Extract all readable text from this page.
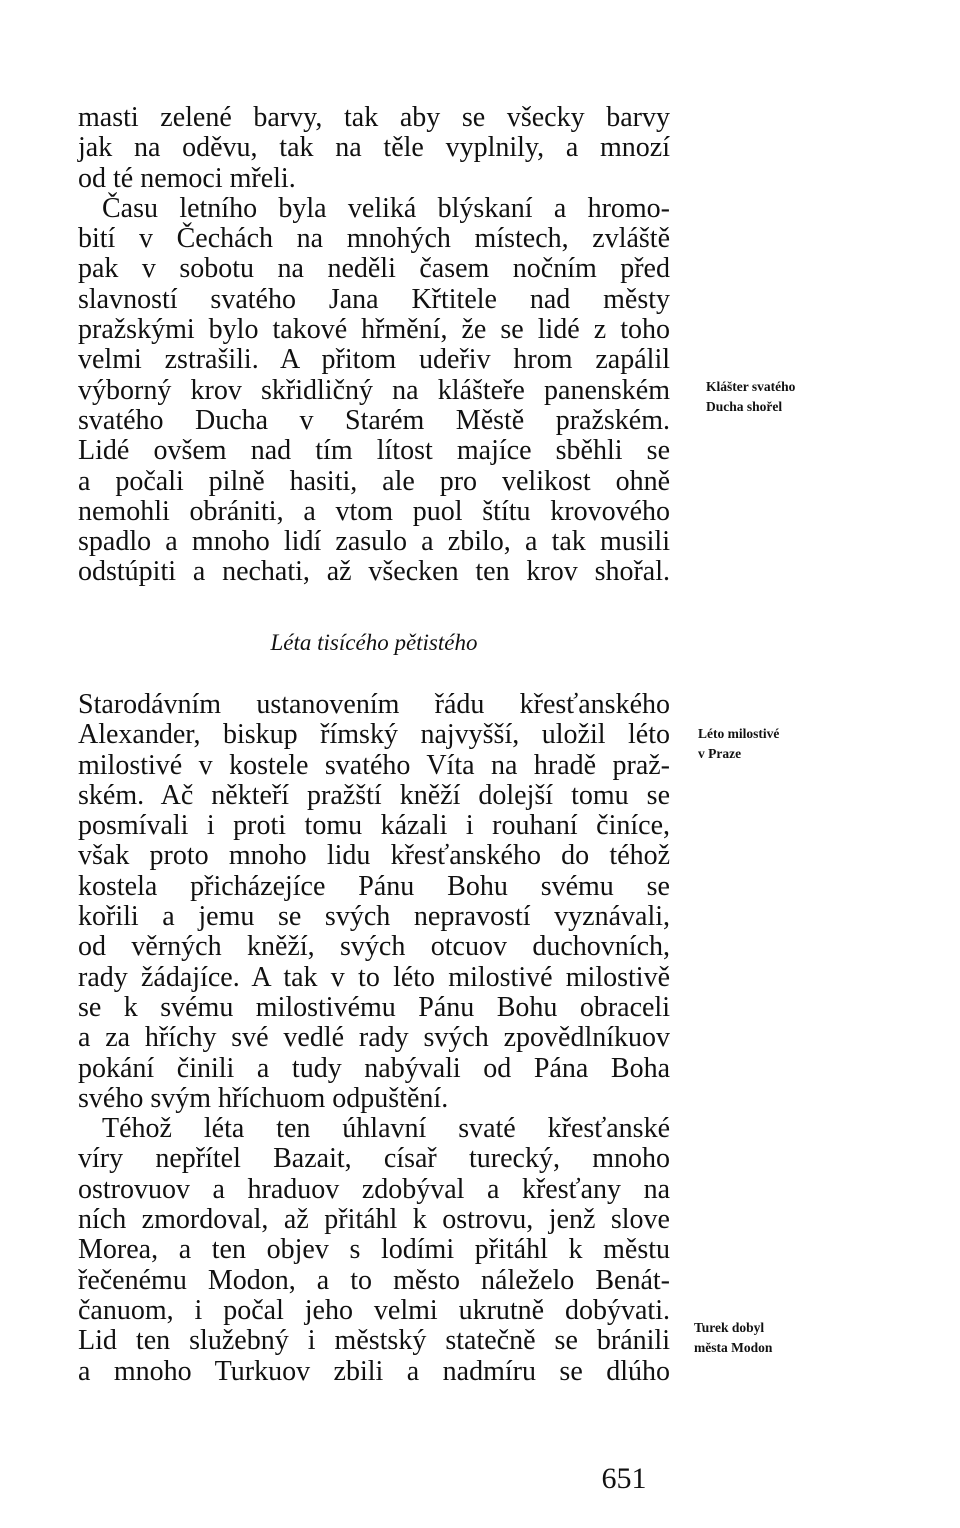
masti zelené barvy, tak aby se všecky barvy
jak na oděvu, tak na těle vyplnily, a mnozí
od té nemoci mřeli.
Času letního byla veliká blýskaní a hromo-
bití v Čechách na mnohých místech, zvláště
pak v sobotu na neděli časem nočním před
slavností svatého Jana Křtitele nad městy
pražskými bylo takové hřmění, že se lidé z toho
velmi zstrašili. A přitom udeřiv hrom zapálil
výborný krov skřidličný na klášteře panenském
svatého Ducha v Starém Městě pražském.
Lidé ovšem nad tím lítost majíce sběhli se
a počali pilně hasiti, ale pro velikost ohně
nemohli obrániti, a vtom puol štítu krovového
spadlo a mnoho lidí zasulo a zbilo, a tak musili
odstúpiti a nechati, až všecken ten krov shořal.
Léta tisícého pětistého
Starodávním ustanovením řádu křesťanského
Alexander, biskup římský najvyšší, uložil léto
milostivé v kostele svatého Víta na hradě praž-
ském. Ač někteří pražští kněží dolejší tomu se
posmívali i proti tomu kázali i rouhaní činíce,
však proto mnoho lidu křesťanského do téhož
kostela přicházejíce Pánu Bohu svému se
kořili a jemu se svých nepravostí vyznávali,
od věrných kněží, svých otcuov duchovních,
rady žádajíce. A tak v to léto milostivé milostivě
se k svému milostivému Pánu Bohu obraceli
a za hříchy své vedlé rady svých zpovědlníkuov
pokání činili a tudy nabývali od Pána Boha
svého svým hříchuom odpuštění.
Téhož léta ten úhlavní svaté křesťanské
víry nepřítel Bazait, císař turecký, mnoho
ostrovuov a hraduov zdobýval a křesťany na
ních zmordoval, až přitáhl k ostrovu, jenž slove
Morea, a ten objev s lodími přitáhl k městu
řečenému Modon, a to město náleželo Benát-
čanuom, i počal jeho velmi ukrutně dobývati.
Lid ten služebný i městský statečně se bránili
a mnoho Turkuov zbili a nadmíru se dlúho
Klášter svatého
Ducha shořel
Léto milostivé
v Praze
Turek dobyl
města Modon
651
